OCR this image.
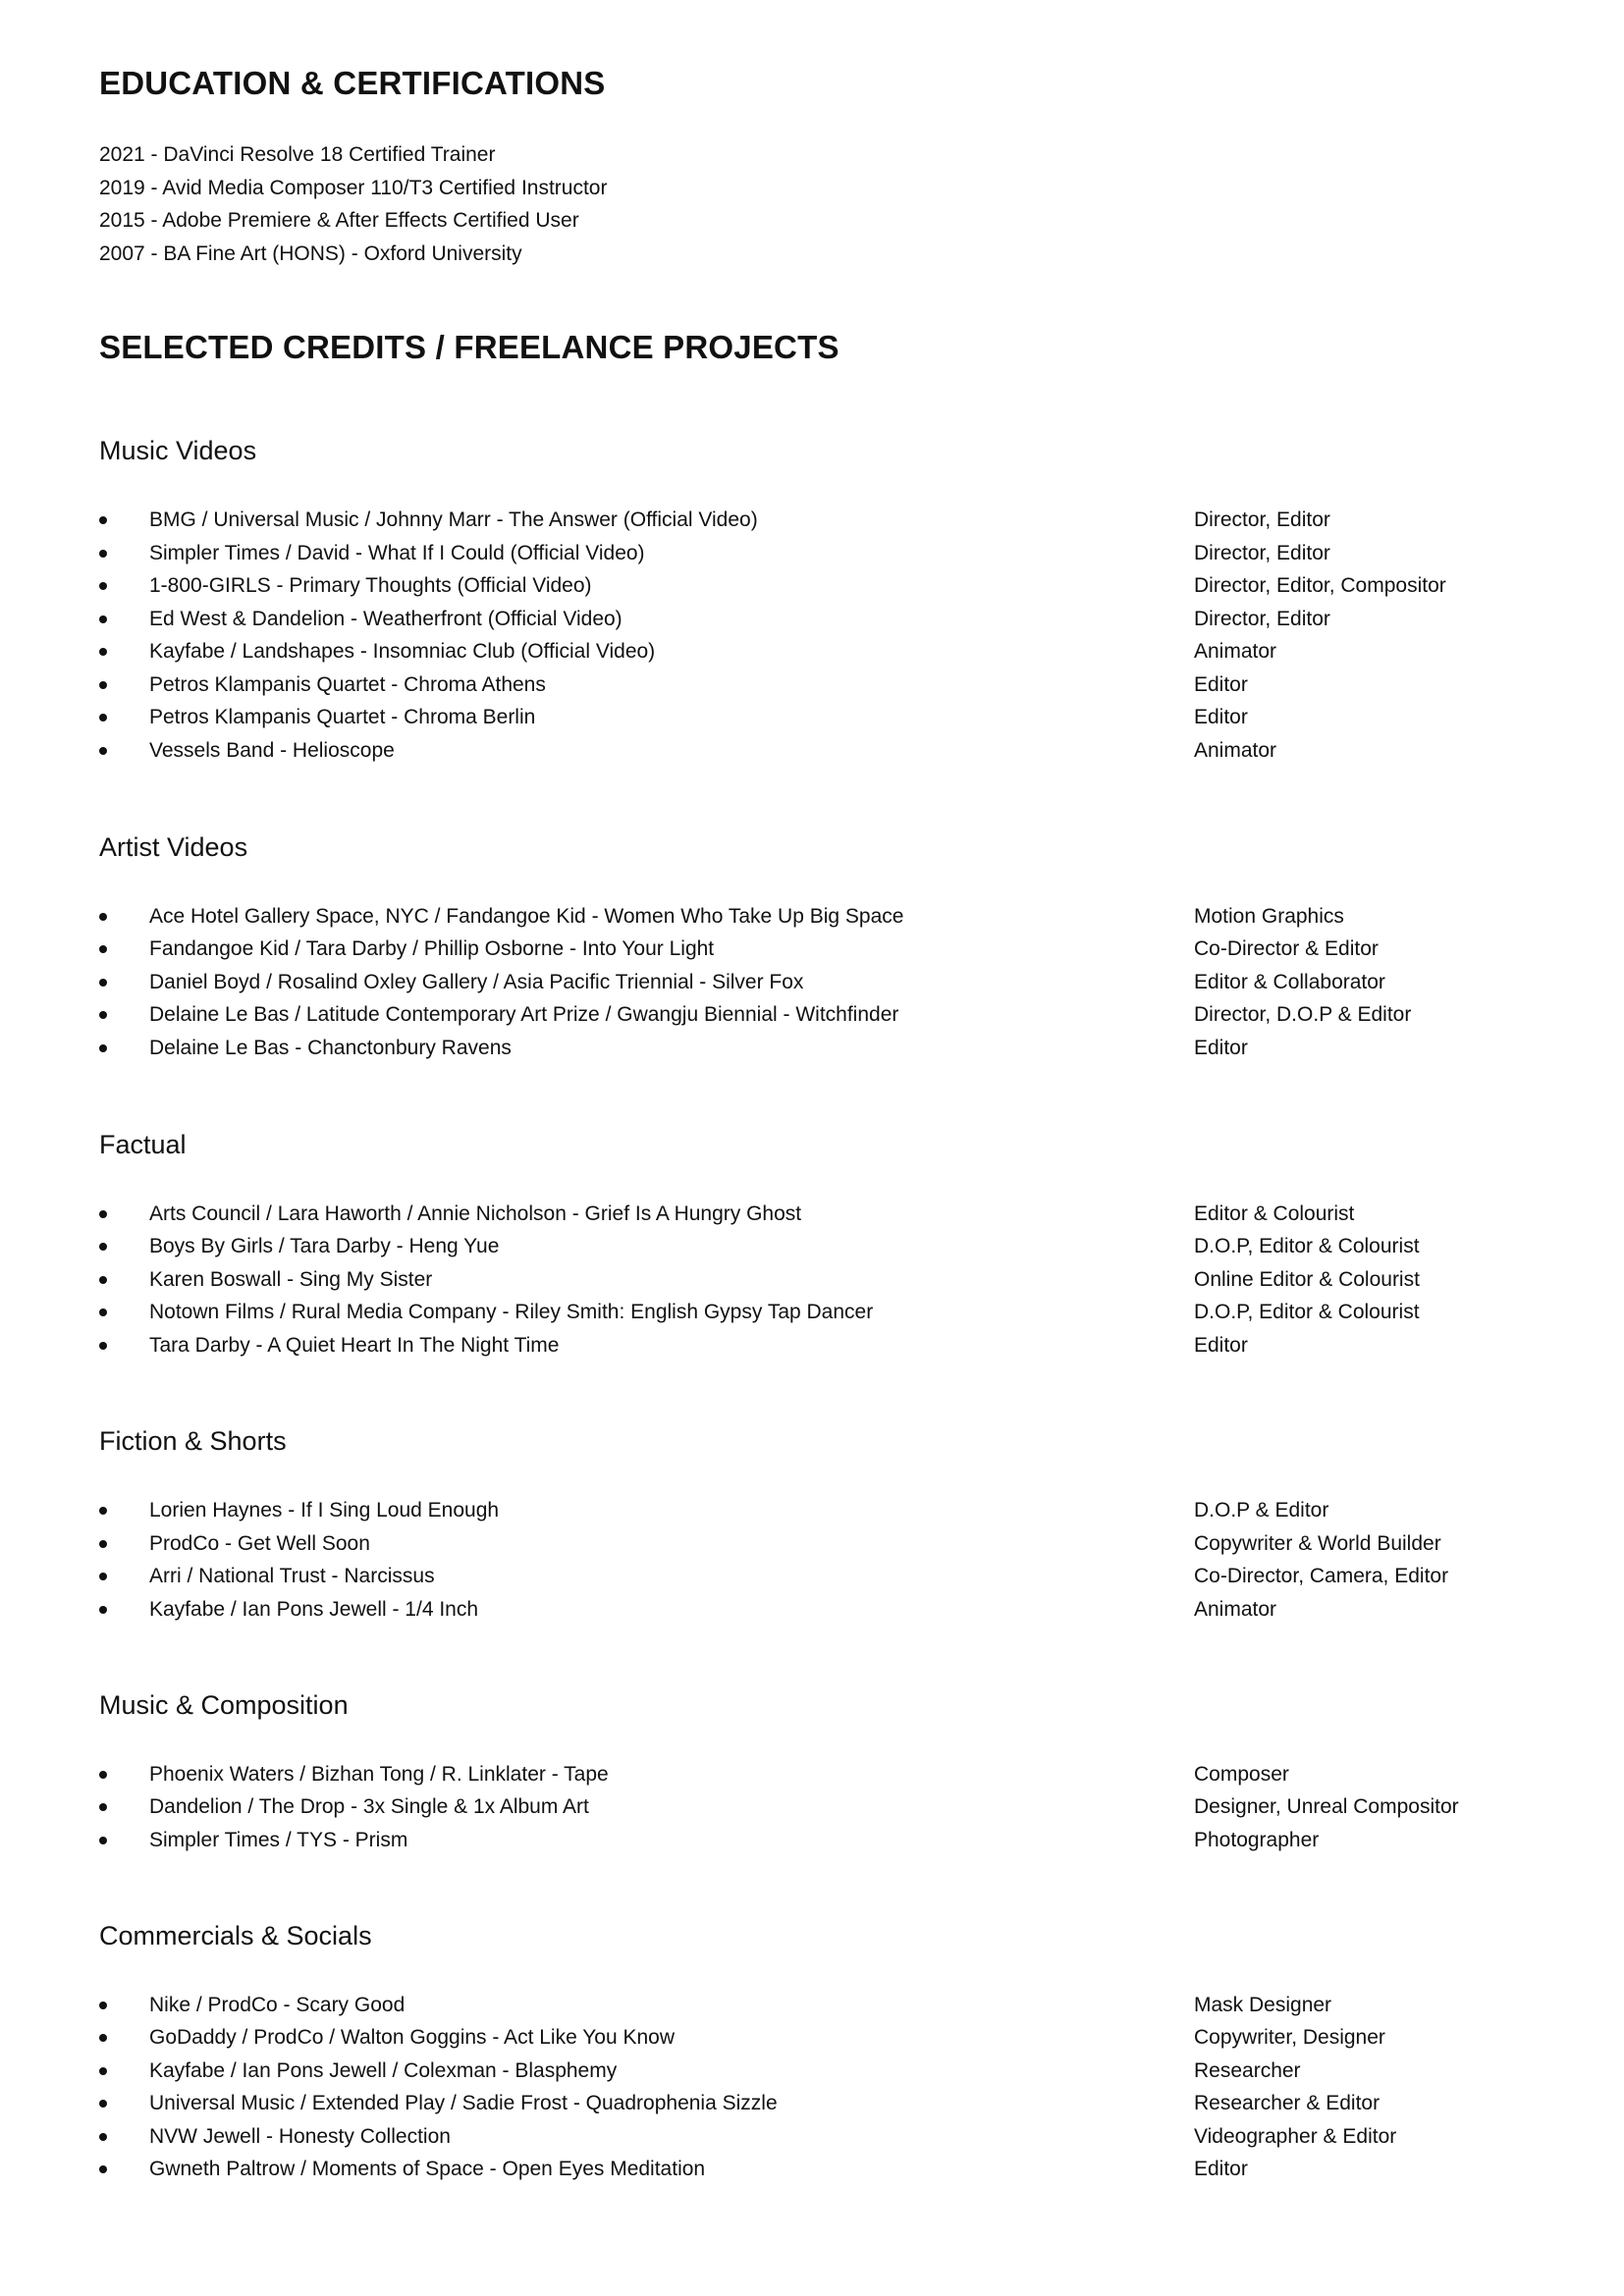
EDUCATION & CERTIFICATIONS
2021 - DaVinci Resolve 18 Certified Trainer
2019 - Avid Media Composer 110/T3 Certified Instructor
2015 - Adobe Premiere & After Effects Certified User
2007 - BA Fine Art (HONS) - Oxford University
SELECTED CREDITS / FREELANCE PROJECTS
Music Videos
BMG / Universal Music / Johnny Marr - The Answer (Official Video)	Director, Editor
Simpler Times / David - What If I Could (Official Video)	Director, Editor
1-800-GIRLS - Primary Thoughts (Official Video)	Director, Editor, Compositor
Ed West & Dandelion - Weatherfront (Official Video)	Director, Editor
Kayfabe / Landshapes - Insomniac Club (Official Video)	Animator
Petros Klampanis Quartet - Chroma Athens	Editor
Petros Klampanis Quartet - Chroma Berlin	Editor
Vessels Band - Helioscope	Animator
Artist Videos
Ace Hotel Gallery Space, NYC / Fandangoe Kid - Women Who Take Up Big Space	Motion Graphics
Fandangoe Kid / Tara Darby / Phillip Osborne - Into Your Light	Co-Director & Editor
Daniel Boyd / Rosalind Oxley Gallery / Asia Pacific Triennial - Silver Fox	Editor & Collaborator
Delaine Le Bas / Latitude Contemporary Art Prize / Gwangju Biennial - Witchfinder	Director, D.O.P & Editor
Delaine Le Bas - Chanctonbury Ravens	Editor
Factual
Arts Council / Lara Haworth / Annie Nicholson - Grief Is A Hungry Ghost	Editor & Colourist
Boys By Girls / Tara Darby - Heng Yue	D.O.P, Editor & Colourist
Karen Boswall - Sing My Sister	Online Editor & Colourist
Notown Films / Rural Media Company - Riley Smith: English Gypsy Tap Dancer	D.O.P, Editor & Colourist
Tara Darby - A Quiet Heart In The Night Time	Editor
Fiction & Shorts
Lorien Haynes - If I Sing Loud Enough	D.O.P & Editor
ProdCo - Get Well Soon	Copywriter & World Builder
Arri / National Trust - Narcissus	Co-Director, Camera, Editor
Kayfabe / Ian Pons Jewell - 1/4 Inch	Animator
Music & Composition
Phoenix Waters / Bizhan Tong / R. Linklater - Tape	Composer
Dandelion / The Drop - 3x Single & 1x Album Art	Designer, Unreal Compositor
Simpler Times / TYS - Prism	Photographer
Commercials & Socials
Nike / ProdCo - Scary Good	Mask Designer
GoDaddy / ProdCo / Walton Goggins - Act Like You Know	Copywriter, Designer
Kayfabe / Ian Pons Jewell / Colexman - Blasphemy	Researcher
Universal Music / Extended Play / Sadie Frost - Quadrophenia Sizzle	Researcher & Editor
NVW Jewell - Honesty Collection	Videographer & Editor
Gwneth Paltrow / Moments of Space - Open Eyes Meditation	Editor
